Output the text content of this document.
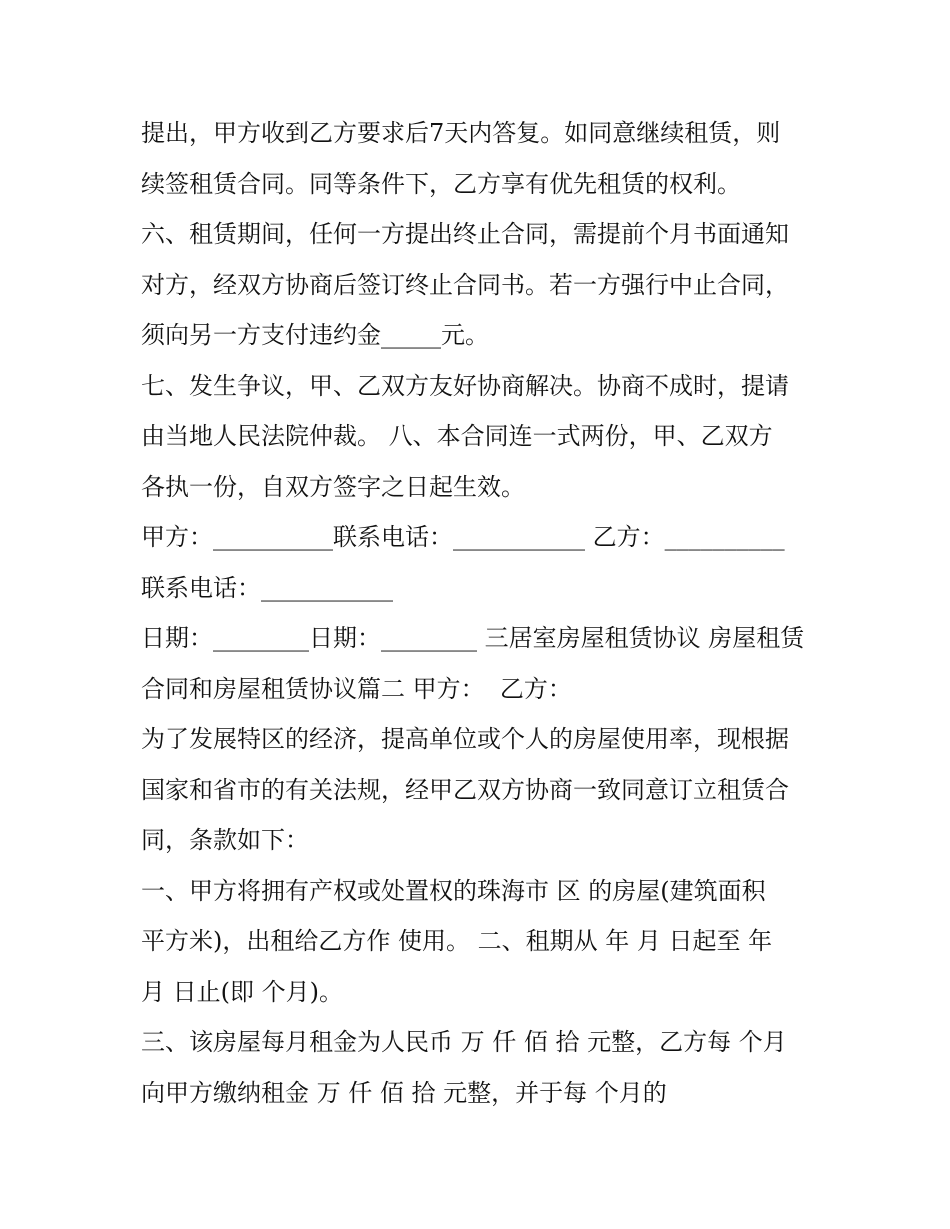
提出，甲方收到乙方要求后7天内答复。如同意继续租赁，则
续签租赁合同。同等条件下，乙方享有优先租赁的权利。
六、租赁期间，任何一方提出终止合同，需提前个月书面通知
对方，经双方协商后签订终止合同书。若一方强行中止合同，
须向另一方支付违约金_____元。
七、发生争议，甲、乙双方友好协商解决。协商不成时，提请
由当地人民法院仲裁。 八、本合同连一式两份，甲、乙双方
各执一份，自双方签字之日起生效。
甲方：__________联系电话：___________ 乙方：__________
联系电话：___________
日期：________日期：________ 三居室房屋租赁协议 房屋租赁
合同和房屋租赁协议篇二 甲方：  乙方：
为了发展特区的经济，提高单位或个人的房屋使用率，现根据
国家和省市的有关法规，经甲乙双方协商一致同意订立租赁合
同，条款如下：
一、甲方将拥有产权或处置权的珠海市 区 的房屋(建筑面积
平方米)，出租给乙方作 使用。 二、租期从 年 月 日起至 年
月 日止(即 个月)。
三、该房屋每月租金为人民币 万 仟 佰 拾 元整，乙方每 个月
向甲方缴纳租金 万 仟 佰 拾 元整，并于每 个月的
